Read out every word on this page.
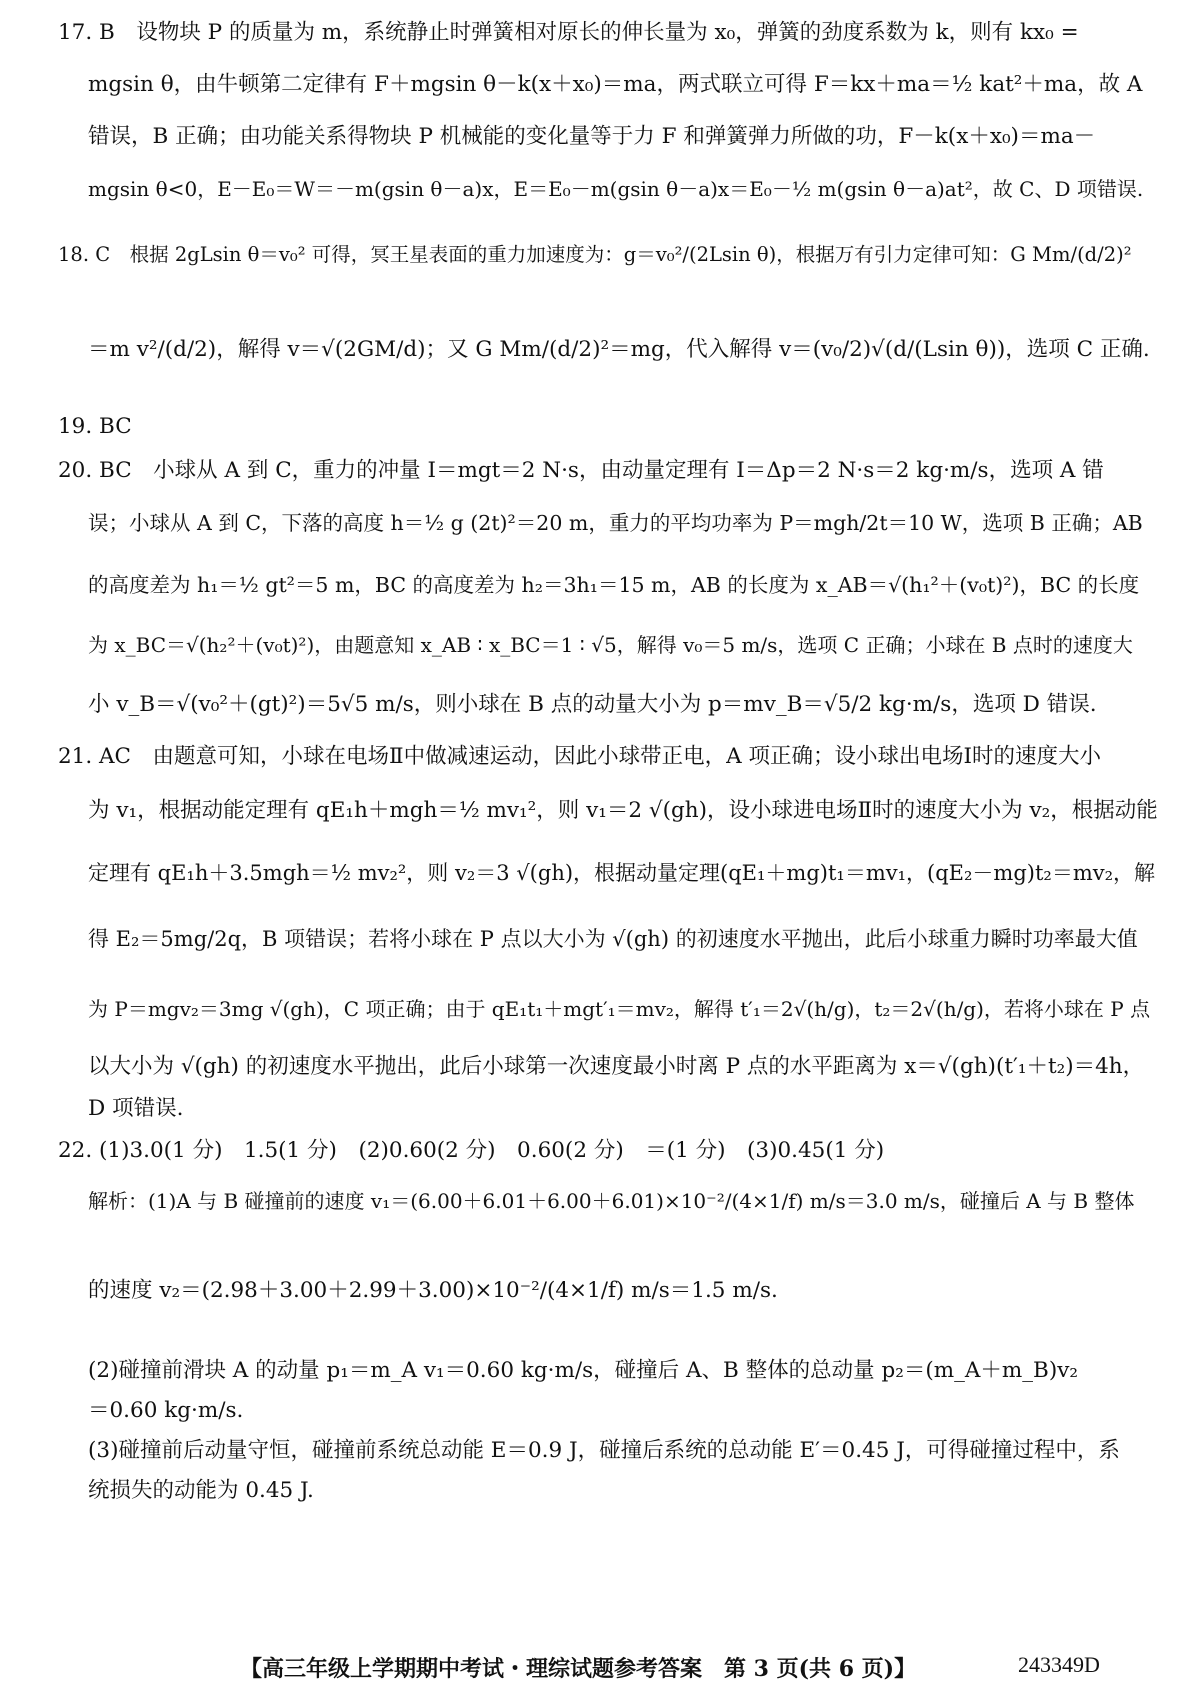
17. B　设物块 P 的质量为 m，系统静止时弹簧相对原长的伸长量为 x₀，弹簧的劲度系数为 k，则有 kx₀ =
mgsin θ，由牛顿第二定律有 F＋mgsin θ－k(x＋x₀)＝ma，两式联立可得 F＝kx＋ma＝½ kat²＋ma，故 A
错误，B 正确；由功能关系得物块 P 机械能的变化量等于力 F 和弹簧弹力所做的功，F－k(x＋x₀)＝ma－
mgsin θ<0，E－E₀＝W＝－m(gsin θ－a)x，E＝E₀－m(gsin θ－a)x＝E₀－½ m(gsin θ－a)at²，故 C、D 项错误.
18. C　根据 2gLsin θ＝v₀² 可得，冥王星表面的重力加速度为：g＝v₀²/(2Lsin θ)，根据万有引力定律可知：G Mm/(d/2)²
＝m v²/(d/2)，解得 v＝√(2GM/d)；又 G Mm/(d/2)²＝mg，代入解得 v＝(v₀/2)√(d/(Lsin θ))，选项 C 正确.
19. BC
20. BC　小球从 A 到 C，重力的冲量 I＝mgt＝2 N·s，由动量定理有 I＝Δp＝2 N·s＝2 kg·m/s，选项 A 错
误；小球从 A 到 C，下落的高度 h＝½ g (2t)²＝20 m，重力的平均功率为 P＝mgh/2t＝10 W，选项 B 正确；AB
的高度差为 h₁＝½ gt²＝5 m，BC 的高度差为 h₂＝3h₁＝15 m，AB 的长度为 x_AB＝√(h₁²＋(v₀t)²)，BC 的长度
为 x_BC＝√(h₂²＋(v₀t)²)，由题意知 x_AB ∶ x_BC＝1 ∶ √5，解得 v₀＝5 m/s，选项 C 正确；小球在 B 点时的速度大
小 v_B＝√(v₀²＋(gt)²)＝5√5 m/s，则小球在 B 点的动量大小为 p＝mv_B＝√5/2 kg·m/s，选项 D 错误.
21. AC　由题意可知，小球在电场Ⅱ中做减速运动，因此小球带正电，A 项正确；设小球出电场Ⅰ时的速度大小
为 v₁，根据动能定理有 qE₁h＋mgh＝½ mv₁²，则 v₁＝2 √(gh)，设小球进电场Ⅱ时的速度大小为 v₂，根据动能
定理有 qE₁h＋3.5mgh＝½ mv₂²，则 v₂＝3 √(gh)，根据动量定理(qE₁＋mg)t₁＝mv₁，(qE₂－mg)t₂＝mv₂，解
得 E₂＝5mg/2q，B 项错误；若将小球在 P 点以大小为 √(gh) 的初速度水平抛出，此后小球重力瞬时功率最大值
为 P＝mgv₂＝3mg √(gh)，C 项正确；由于 qE₁t₁＋mgt′₁＝mv₂，解得 t′₁＝2√(h/g)，t₂＝2√(h/g)，若将小球在 P 点
以大小为 √(gh) 的初速度水平抛出，此后小球第一次速度最小时离 P 点的水平距离为 x＝√(gh)(t′₁＋t₂)＝4h，
D 项错误.
22. (1)3.0(1 分)　1.5(1 分)　(2)0.60(2 分)　0.60(2 分)　＝(1 分)　(3)0.45(1 分)
解析：(1)A 与 B 碰撞前的速度 v₁＝(6.00＋6.01＋6.00＋6.01)×10⁻²/(4×1/f) m/s＝3.0 m/s，碰撞后 A 与 B 整体
的速度 v₂＝(2.98＋3.00＋2.99＋3.00)×10⁻²/(4×1/f) m/s＝1.5 m/s.
(2)碰撞前滑块 A 的动量 p₁＝m_A v₁＝0.60 kg·m/s，碰撞后 A、B 整体的总动量 p₂＝(m_A＋m_B)v₂
＝0.60 kg·m/s.
(3)碰撞前后动量守恒，碰撞前系统总动能 E＝0.9 J，碰撞后系统的总动能 E′＝0.45 J，可得碰撞过程中，系
统损失的动能为 0.45 J.
【高三年级上学期期中考试・理综试题参考答案　第 3 页(共 6 页)】	243349D
